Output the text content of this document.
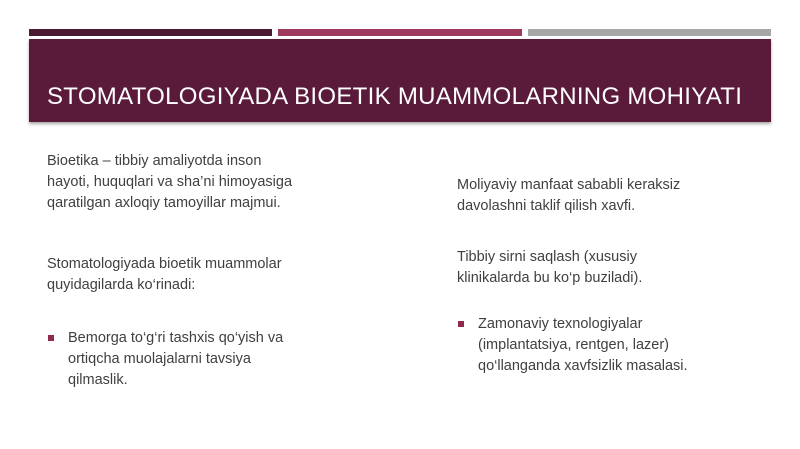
STOMATOLOGIYADA BIOETIK MUAMMOLARNING MOHIYATI
Bioetika – tibbiy amaliyotda inson
hayoti, huquqlari va sha’ni himoyasiga
qaratilgan axloqiy tamoyillar majmui.
Stomatologiyada bioetik muammolar
quyidagilarda ko‘rinadi:
Bemorga to‘g‘ri tashxis qo‘yish va
ortiqcha muolajalarni tavsiya
qilmaslik.
Moliyaviy manfaat sababli keraksiz
davolashni taklif qilish xavfi.
Tibbiy sirni saqlash (xususiy
klinikalarda bu ko‘p buziladi).
Zamonaviy texnologiyalar
(implantatsiya, rentgen, lazer)
qo‘llanganda xavfsizlik masalasi.
